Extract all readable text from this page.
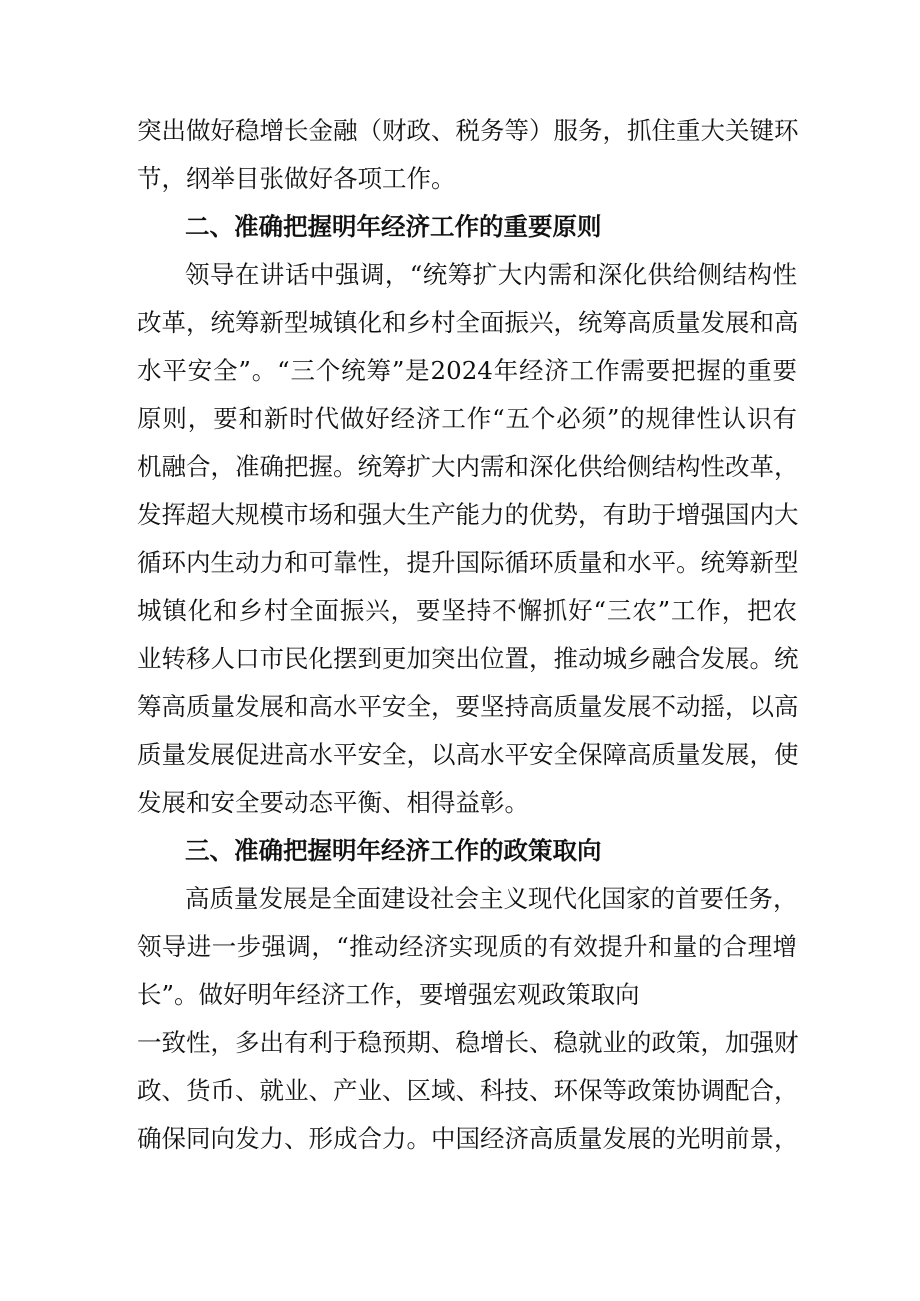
突出做好稳增长金融（财政、税务等）服务，抓住重大关键环
节，纲举目张做好各项工作。
二、准确把握明年经济工作的重要原则
领导在讲话中强调，“统筹扩大内需和深化供给侧结构性
改革，统筹新型城镇化和乡村全面振兴，统筹高质量发展和高
水平安全”。“三个统筹”是2024年经济工作需要把握的重要
原则，要和新时代做好经济工作“五个必须”的规律性认识有
机融合，准确把握。统筹扩大内需和深化供给侧结构性改革，
发挥超大规模市场和强大生产能力的优势，有助于增强国内大
循环内生动力和可靠性，提升国际循环质量和水平。统筹新型
城镇化和乡村全面振兴，要坚持不懈抓好“三农”工作，把农
业转移人口市民化摆到更加突出位置，推动城乡融合发展。统
筹高质量发展和高水平安全，要坚持高质量发展不动摇，以高
质量发展促进高水平安全，以高水平安全保障高质量发展，使
发展和安全要动态平衡、相得益彰。
三、准确把握明年经济工作的政策取向
高质量发展是全面建设社会主义现代化国家的首要任务，
领导进一步强调，“推动经济实现质的有效提升和量的合理增
长”。做好明年经济工作，要增强宏观政策取向
一致性，多出有利于稳预期、稳增长、稳就业的政策，加强财
政、货币、就业、产业、区域、科技、环保等政策协调配合，
确保同向发力、形成合力。中国经济高质量发展的光明前景，
